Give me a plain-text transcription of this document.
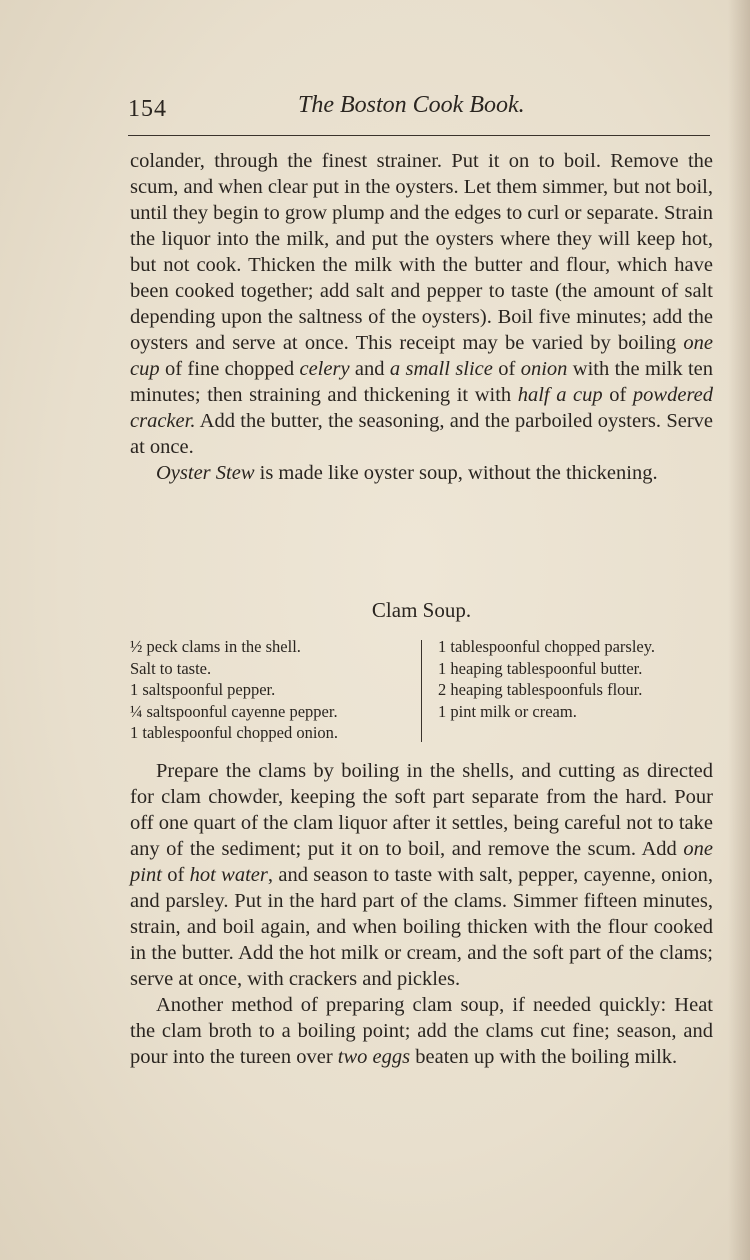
154	The Boston Cook Book.

colander, through the finest strainer. Put it on to boil. Remove the scum, and when clear put in the oysters. Let them simmer, but not boil, until they begin to grow plump and the edges to curl or separate. Strain the liquor into the milk, and put the oysters where they will keep hot, but not cook. Thicken the milk with the butter and flour, which have been cooked together; add salt and pepper to taste (the amount of salt depending upon the saltness of the oysters). Boil five minutes; add the oysters and serve at once. This receipt may be varied by boiling one cup of fine chopped celery and a small slice of onion with the milk ten minutes; then straining and thickening it with half a cup of powdered cracker. Add the butter, the seasoning, and the parboiled oysters. Serve at once.

Oyster Stew is made like oyster soup, without the thickening.

Clam Soup.
½ peck clams in the shell.
Salt to taste.
1 saltspoonful pepper.
¼ saltspoonful cayenne pepper.
1 tablespoonful chopped onion.
1 tablespoonful chopped parsley.
1 heaping tablespoonful butter.
2 heaping tablespoonfuls flour.
1 pint milk or cream.

Prepare the clams by boiling in the shells, and cutting as directed for clam chowder, keeping the soft part separate from the hard. Pour off one quart of the clam liquor after it settles, being careful not to take any of the sediment; put it on to boil, and remove the scum. Add one pint of hot water, and season to taste with salt, pepper, cayenne, onion, and parsley. Put in the hard part of the clams. Simmer fifteen minutes, strain, and boil again, and when boiling thicken with the flour cooked in the butter. Add the hot milk or cream, and the soft part of the clams; serve at once, with crackers and pickles.

Another method of preparing clam soup, if needed quickly: Heat the clam broth to a boiling point; add the clams cut fine; season, and pour into the tureen over two eggs beaten up with the boiling milk.
